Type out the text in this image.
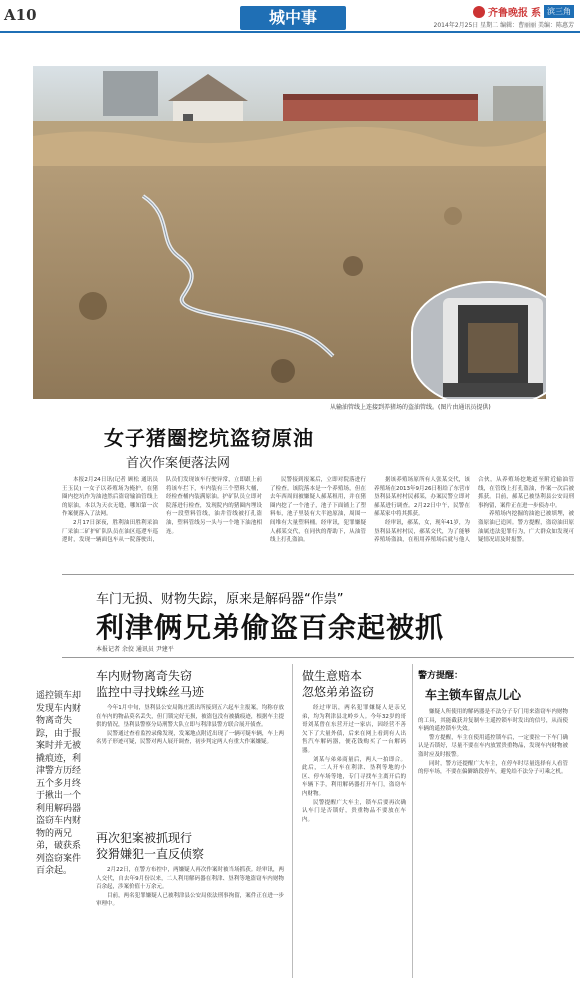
A10	城中事	齐鲁晚报 系 滨三角
2014年2月25日 星期二 编辑：曹丽丽 美编：陈惠芳
从输油管线上连接到养猪场的盗油管线。(图片由通讯员提供)
女子猪圈挖坑盗窃原油
首次作案便落法网

本报2月24日讯(记者 顾松 通讯员 王玉民) 一女子以养殖场为掩护，在猪圈内挖坑作为油池然后盗窃输油管线上的原油，本以为天衣无缝，哪知第一次作案便落入了法网。

2月17日深夜，胜利油田胜利采油厂采油二矿护矿队队员在油区巡逻车巡逻时，发现一辆面包车从一院落驶出，队员们发现该车行驶异常，立即跟上前将该车拦下，车内装有三个塑料大桶，经检查桶内装满原油。护矿队员立即对院落进行检查，发现院内的猪圈内埋设有一段塑料管线，油井管线被打孔盗油，塑料管线另一头与一个地下油池相连。

民警接到报案后，立即对院落进行了检查。该院落本是一个养殖场，但在去年西周间被嫌疑人郝某租用，并在猪圈内挖了一个池子，池子下面铺上了塑料布，池子里装有大半池原油，周围一间堆有大量塑料桶。经审讯，犯罪嫌疑人郝某交代，在同伙的帮助下，从油管线上打孔盗油。

据该养殖场原所有人张某交代，该养殖场在2013年9月26日租给了东营市垦利县某村村民郝某，办案民警立即对郝某进行调查。2月22日中午，民警在郝某家中将其抓获。

经审讯，郝某，女，现年41岁，为垦利县某村村民，郝某交代，为了能够养殖场盗油，在租用养殖场后就与他人合伙，从养殖场挖地道至附近输油管线，在管线上打孔盗油，作案一次后被抓获。目前，郝某已被垦利县公安局刑事拘留，案件正在进一步侦办中。

养殖场内挖掘的油池已被填埋，被盗原油已追回。警方提醒，盗窃油田原油属违法犯罪行为，广大群众如发现可疑情况请及时报警。

车门无损、财物失踪，原来是解码器“作祟”
利津俩兄弟偷盗百余起被抓
本报记者 余佼 通讯员 尹建平
遥控锁车却发现车内财物离奇失踪，由于报案时并无被撬痕迹，利津警方历经五个多月终于揪出一个利用解码器盗窃车内财物的两兄弟，破获系列盗窃案件百余起。
车内财物离奇失窃
监控中寻找蛛丝马迹

今年1月中旬，垦利县公安局陈庄派出所接到五六起车主报案，均称存放在车内的物品莫名丢失，但门锁完好无损，被盗包没有被撬痕迹，根据车主提供的情况，垦利县警察分局刑警大队立即与利津县警方联合展开侦查。

民警通过查看监控录像发现，发案地点附近出现了一辆可疑车辆，车上两名男子形迹可疑，民警对两人展开调查，初步判定两人有重大作案嫌疑。

再次犯案被抓现行
狡猾嫌犯一直反侦察

2月22日，在警方布控中，两嫌疑人再次作案时被当场抓获。经审讯，两人交代，自去年9月份以来，二人利用解码器在利津、垦利等地盗窃车内财物百余起，涉案价值十万余元。

目前，两名犯罪嫌疑人已被利津县公安局依法刑事拘留，案件正在进一步审理中。

做生意赔本
忽悠弟弟盗窃

经过审讯，两名犯罪嫌疑人是亲兄弟，均为利津县北岭乡人。今年32岁的哥哥刘某曾在东营开过一家店，因经营不善欠下了大量外债，后来在网上看到有人出售汽车解码器，便花钱购买了一台解码器。

刘某与弟弟商量后，两人一拍即合。此后，二人开车在利津、垦利等地的小区、停车场等地，专门寻找车主离开后的车辆下手，利用解码器打开车门，盗窃车内财物。

民警提醒广大车主，锁车后要再次确认车门是否锁好，贵重物品不要放在车内。

警方提醒：
车主锁车留点儿心

嫌疑人所使用的解码器是不法分子专门用来盗窃车内财物的工具，其能截获并复制车主遥控锁车时发出的信号，从而使车辆的遥控锁车失效。

警方提醒，车主在使用遥控锁车后，一定要拉一下车门确认是否锁好，尽量不要在车内放置贵重物品，发现车内财物被盗时应及时报警。

同时，警方还提醒广大车主，在停车时尽量选择有人看管的停车场，不要在偏僻路段停车，避免给不法分子可乘之机。
